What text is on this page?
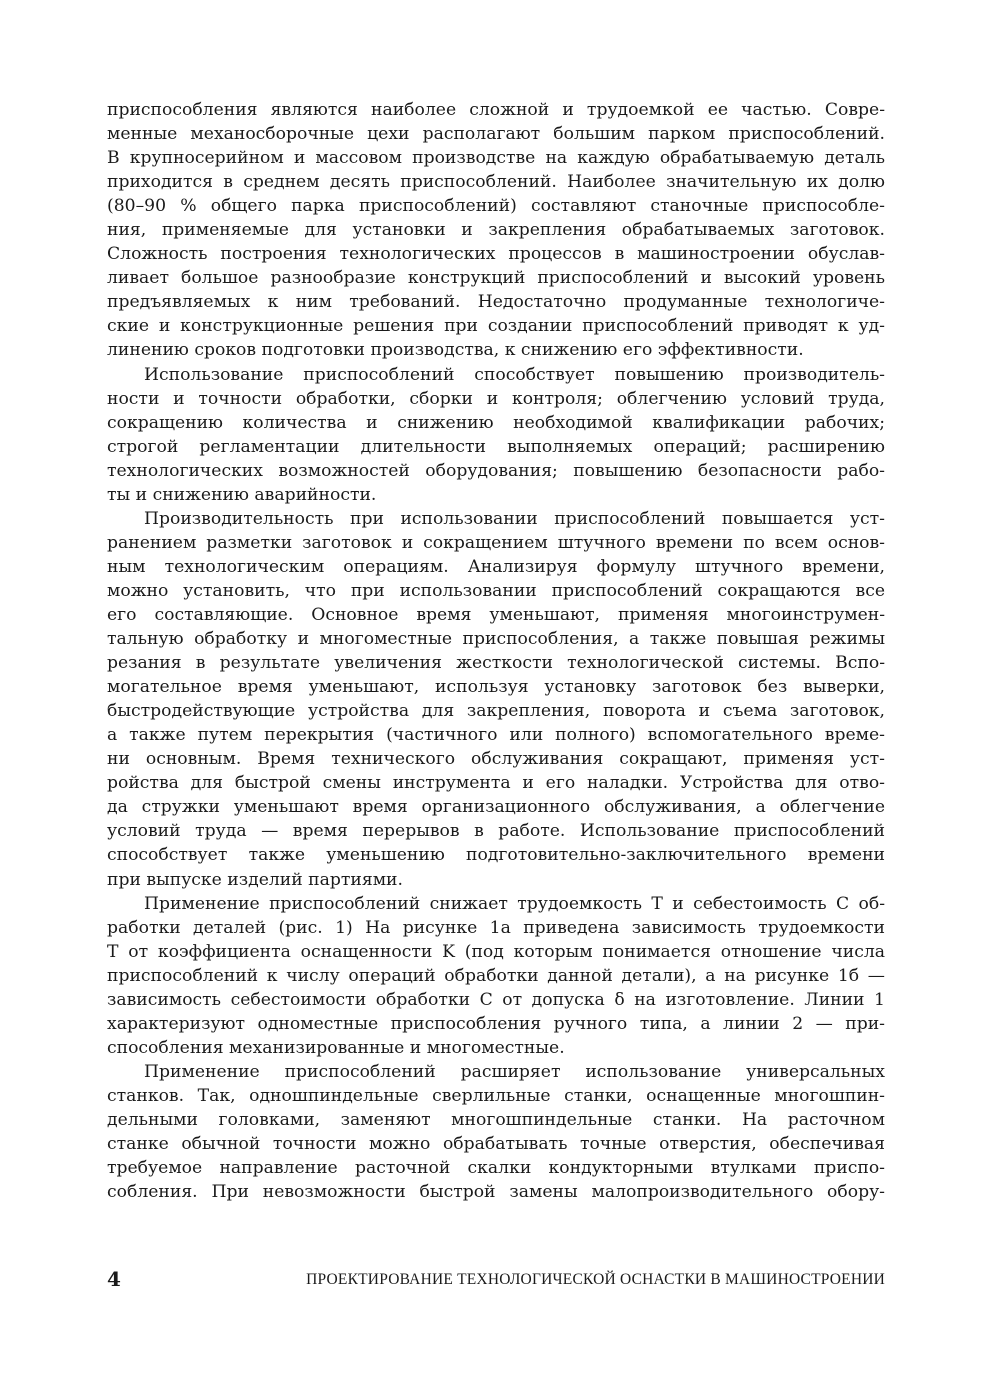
приспособления являются наиболее сложной и трудоемкой ее частью. Совре-
менные механосборочные цехи располагают большим парком приспособлений.
В крупносерийном и массовом производстве на каждую обрабатываемую деталь
приходится в среднем десять приспособлений. Наиболее значительную их долю
(80–90 % общего парка приспособлений) составляют станочные приспособле-
ния, применяемые для установки и закрепления обрабатываемых заготовок.
Сложность построения технологических процессов в машиностроении обуслав-
ливает большое разнообразие конструкций приспособлений и высокий уровень
предъявляемых к ним требований. Недостаточно продуманные технологиче-
ские и конструкционные решения при создании приспособлений приводят к уд-
линению сроков подготовки производства, к снижению его эффективности.
Использование приспособлений способствует повышению производитель-
ности и точности обработки, сборки и контроля; облегчению условий труда,
сокращению количества и снижению необходимой квалификации рабочих;
строгой регламентации длительности выполняемых операций; расширению
технологических возможностей оборудования; повышению безопасности рабо-
ты и снижению аварийности.
Производительность при использовании приспособлений повышается уст-
ранением разметки заготовок и сокращением штучного времени по всем основ-
ным технологическим операциям. Анализируя формулу штучного времени,
можно установить, что при использовании приспособлений сокращаются все
его составляющие. Основное время уменьшают, применяя многоинструмен-
тальную обработку и многоместные приспособления, а также повышая режимы
резания в результате увеличения жесткости технологической системы. Вспо-
могательное время уменьшают, используя установку заготовок без выверки,
быстродействующие устройства для закрепления, поворота и съема заготовок,
а также путем перекрытия (частичного или полного) вспомогательного време-
ни основным. Время технического обслуживания сокращают, применяя уст-
ройства для быстрой смены инструмента и его наладки. Устройства для отво-
да стружки уменьшают время организационного обслуживания, а облегчение
условий труда — время перерывов в работе. Использование приспособлений
способствует также уменьшению подготовительно-заключительного времени
при выпуске изделий партиями.
Применение приспособлений снижает трудоемкость T и себестоимость C об-
работки деталей (рис. 1) На рисунке 1а приведена зависимость трудоемкости
T от коэффициента оснащенности K (под которым понимается отношение числа
приспособлений к числу операций обработки данной детали), а на рисунке 1б —
зависимость себестоимости обработки C от допуска δ на изготовление. Линии 1
характеризуют одноместные приспособления ручного типа, а линии 2 — при-
способления механизированные и многоместные.
Применение приспособлений расширяет использование универсальных
станков. Так, одношпиндельные сверлильные станки, оснащенные многошпин-
дельными головками, заменяют многошпиндельные станки. На расточном
станке обычной точности можно обрабатывать точные отверстия, обеспечивая
требуемое направление расточной скалки кондукторными втулками приспо-
собления. При невозможности быстрой замены малопроизводительного обору-
4	ПРОЕКТИРОВАНИЕ ТЕХНОЛОГИЧЕСКОЙ ОСНАСТКИ В МАШИНОСТРОЕНИИ
